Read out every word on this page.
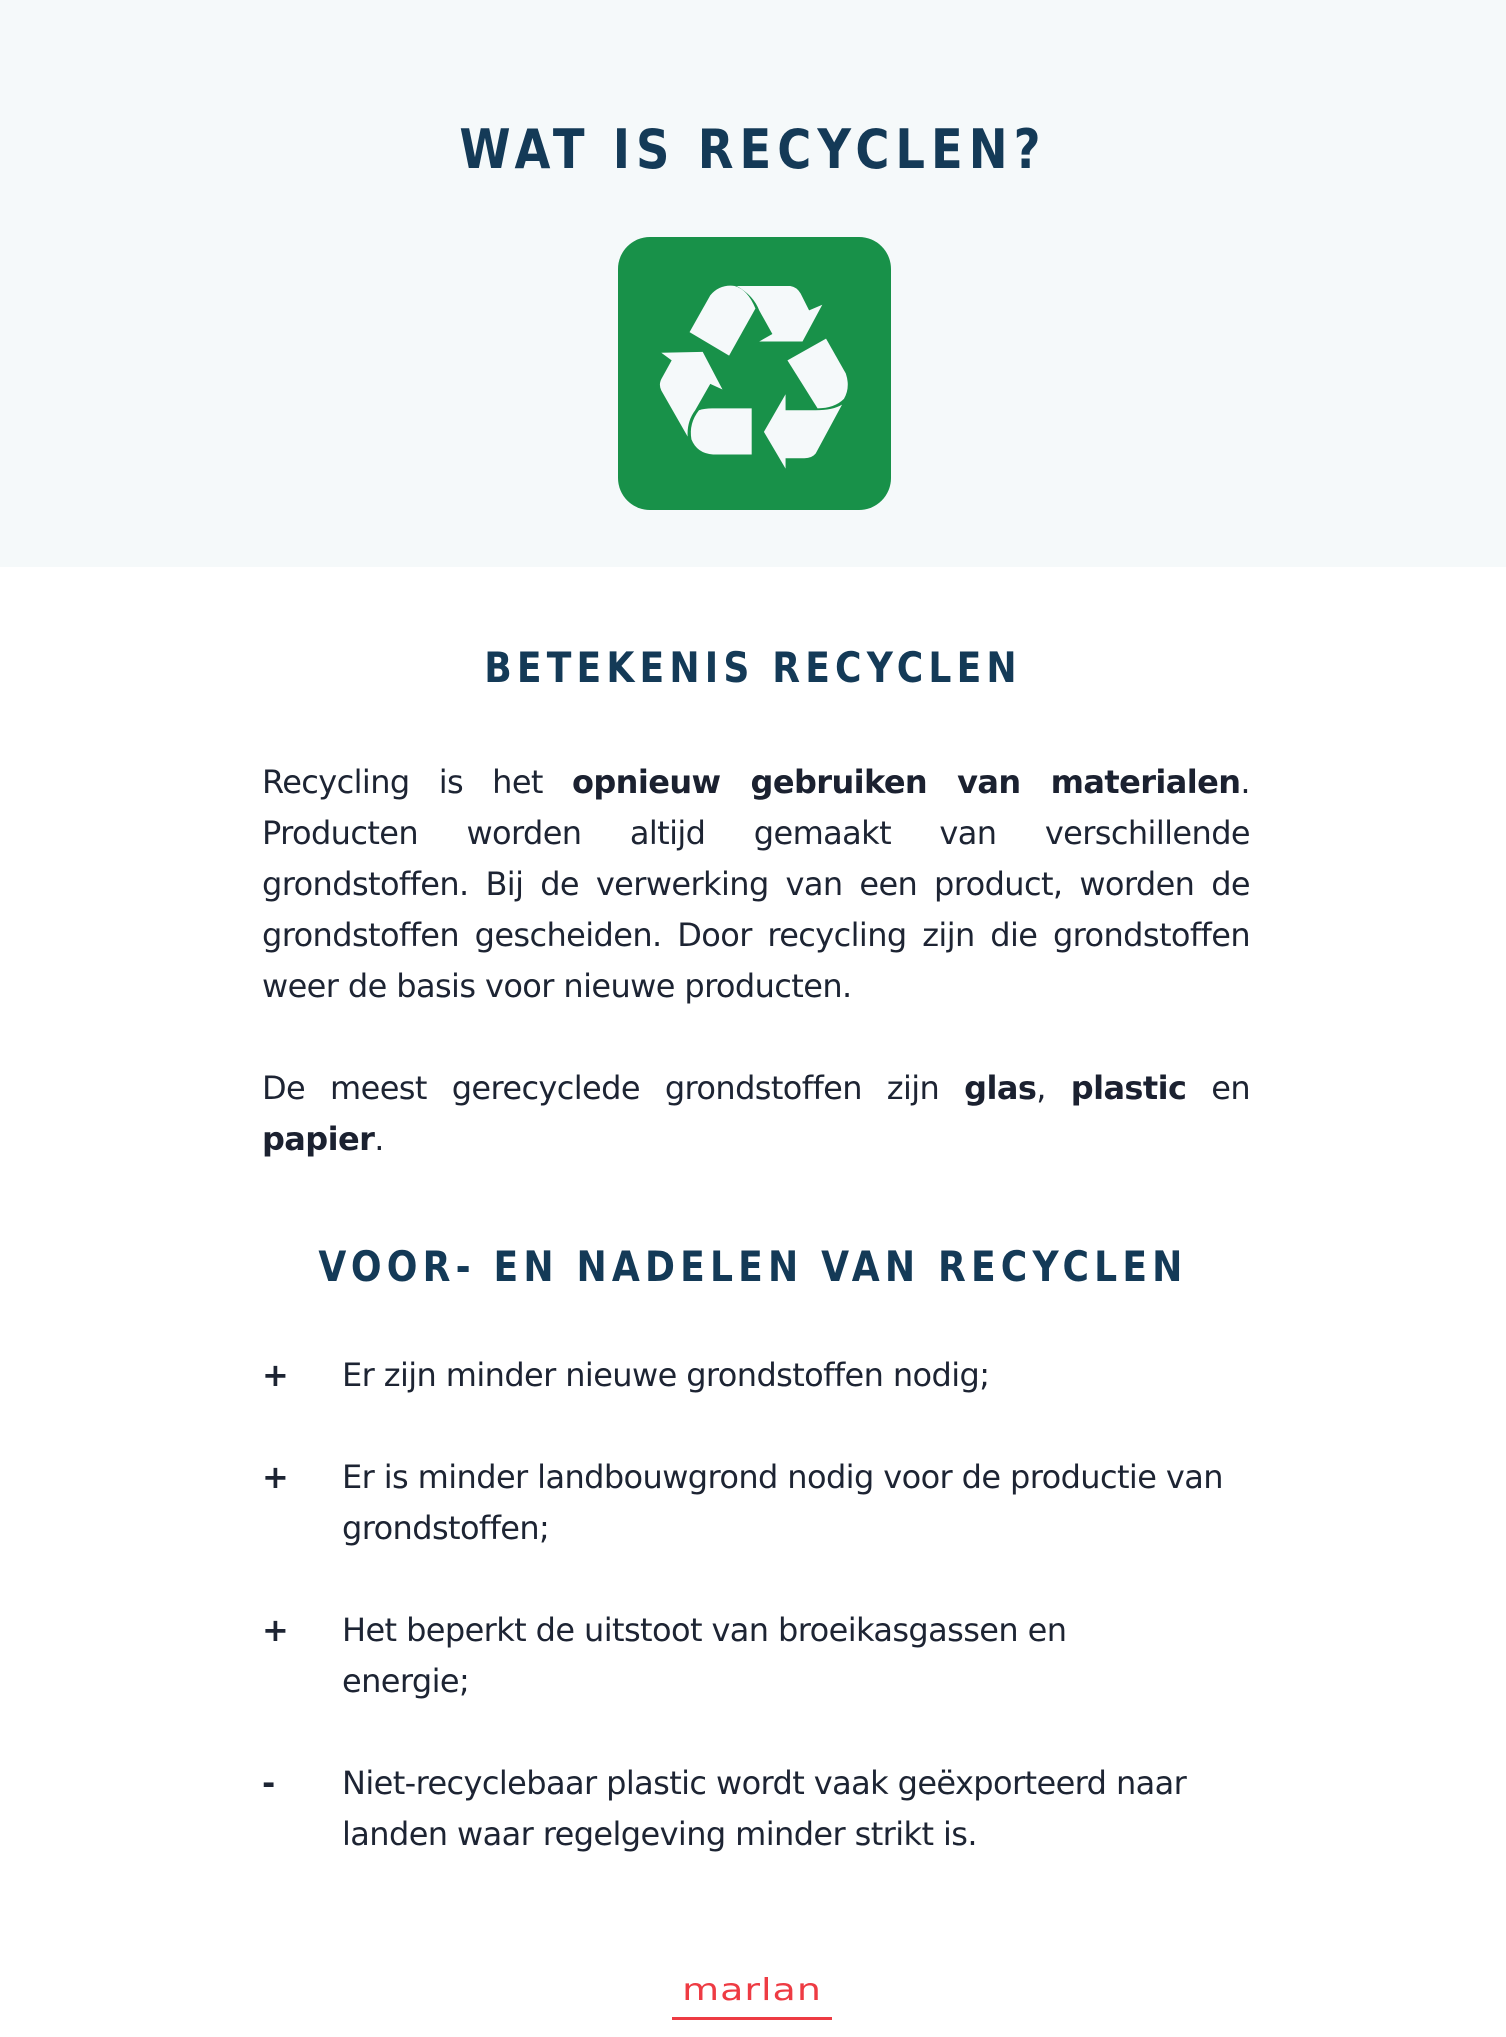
WAT IS RECYCLEN?
BETEKENIS RECYCLEN

Recycling is het opnieuw gebruiken van materialen. Producten worden altijd gemaakt van verschillende grondstoffen. Bij de verwerking van een product, worden de grondstoffen gescheiden. Door recycling zijn die grondstoffen weer de basis voor nieuwe producten.

De meest gerecyclede grondstoffen zijn glas, plastic en papier.

VOOR- EN NADELEN VAN RECYCLEN
+ Er zijn minder nieuwe grondstoffen nodig;
+ Er is minder landbouwgrond nodig voor de productie van grondstoffen;
+ Het beperkt de uitstoot van broeikasgassen en energie;
-	Niet-recyclebaar plastic wordt vaak geëxporteerd naar landen waar regelgeving minder strikt is.
marlan
